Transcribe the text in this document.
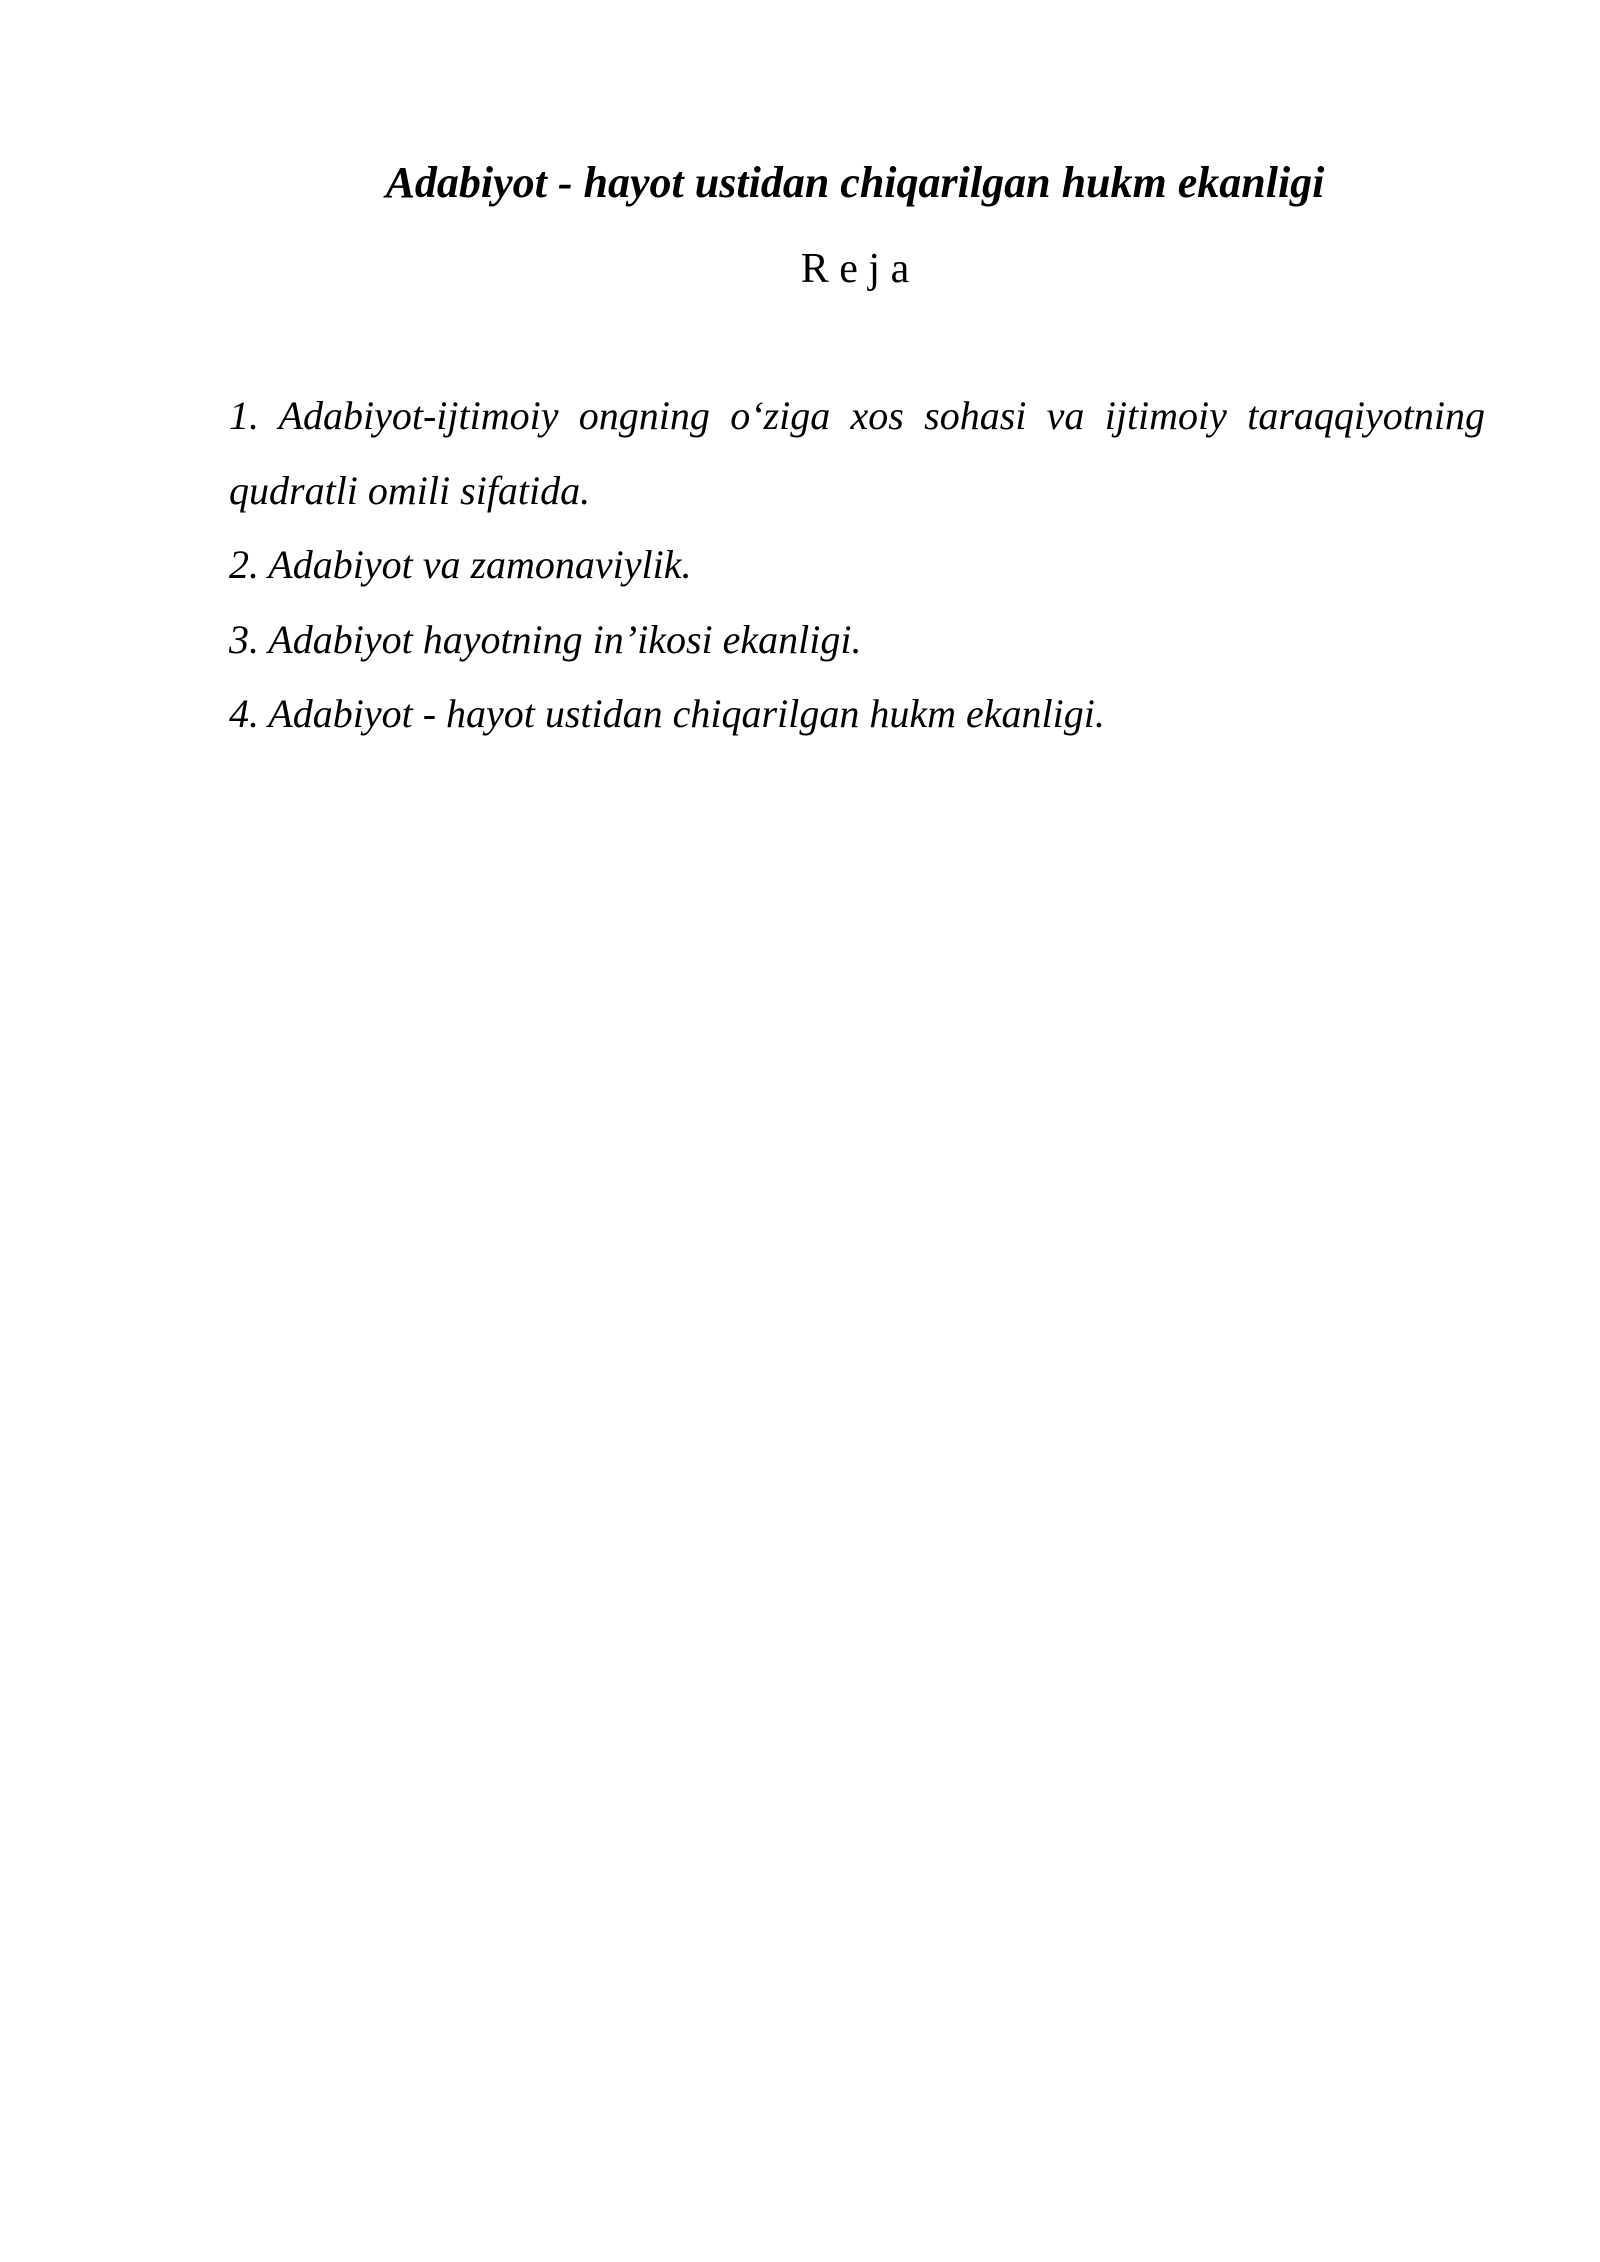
Adabiyot - hayot ustidan chiqarilgan hukm ekanligi
R e j a
1. Adabiyot-ijtimoiy ongning o‘ziga xos sohasi va ijtimoiy taraqqiyotning qudratli omili sifatida.
2. Adabiyot va zamonaviylik.
3. Adabiyot hayotning in’ikosi ekanligi.
4. Adabiyot - hayot ustidan chiqarilgan hukm ekanligi.
